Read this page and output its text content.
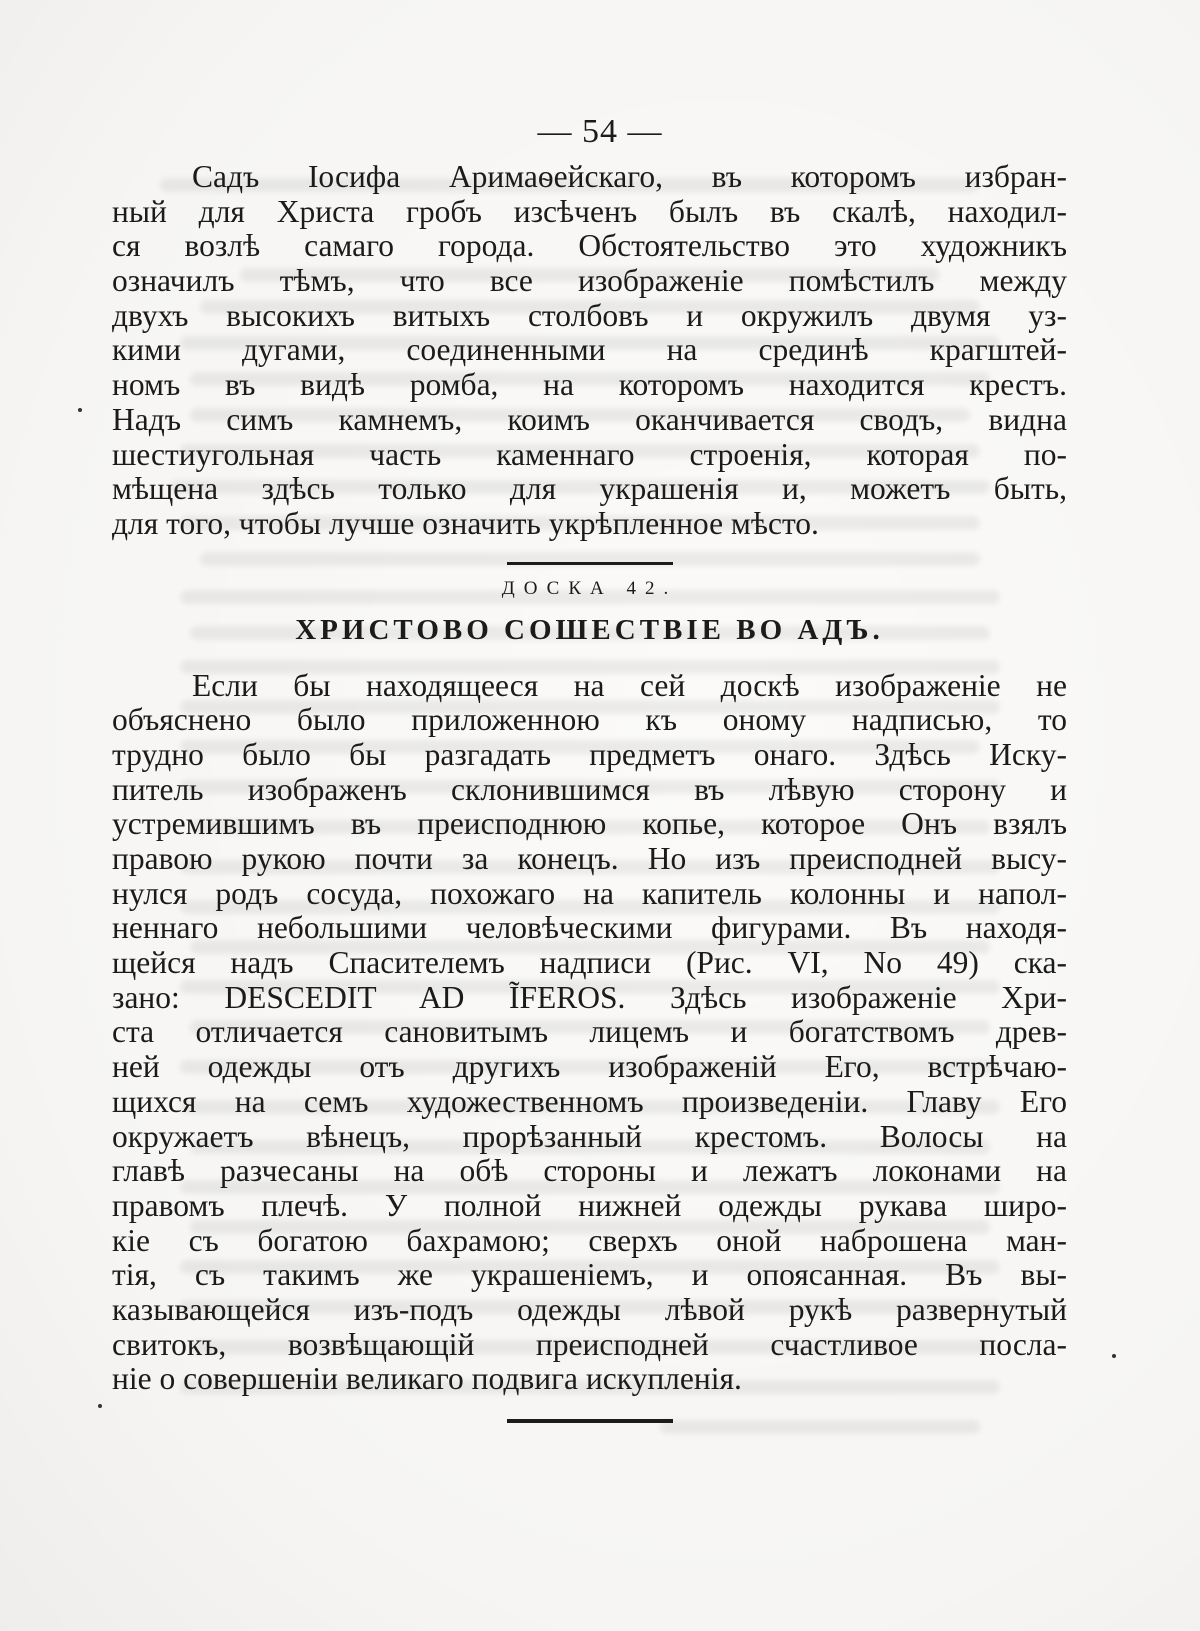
— 54 —
Садъ Іосифа Аримаѳейскаго, въ которомъ избран-
ный для Христа гробъ изсѣченъ былъ въ скалѣ, находил-
ся возлѣ самаго города. Обстоятельство это художникъ
означилъ тѣмъ, что все изображеніе помѣстилъ между
двухъ высокихъ витыхъ столбовъ и окружилъ двумя уз-
кими дугами, соединенными на срединѣ крагштей-
номъ въ видѣ ромба, на которомъ находится крестъ.
Надъ симъ камнемъ, коимъ оканчивается сводъ, видна
шестиугольная часть каменнаго строенія, которая по-
мѣщена здѣсь только для украшенія и, можетъ быть,
для того, чтобы лучше означить укрѣпленное мѣсто.
ДОСКА 42.
ХРИСТОВО СОШЕСТВІЕ ВО АДЪ.
Если бы находящееся на сей доскѣ изображеніе не
объяснено было приложенною къ оному надписью, то
трудно было бы разгадать предметъ онаго. Здѣсь Иску-
питель изображенъ склонившимся въ лѣвую сторону и
устремившимъ въ преисподнюю копье, которое Онъ взялъ
правою рукою почти за конецъ. Но изъ преисподней высу-
нулся родъ сосуда, похожаго на капитель колонны и напол-
неннаго небольшими человѣческими фигурами. Въ находя-
щейся надъ Спасителемъ надписи (Рис. VI, No 49) ска-
зано: DESCEDIT AD ĨFEROS. Здѣсь изображеніе Хри-
ста отличается сановитымъ лицемъ и богатствомъ древ-
ней одежды отъ другихъ изображеній Его, встрѣчаю-
щихся на семъ художественномъ произведеніи. Главу Его
окружаетъ вѣнецъ, прорѣзанный крестомъ. Волосы на
главѣ разчесаны на обѣ стороны и лежатъ локонами на
правомъ плечѣ. У полной нижней одежды рукава широ-
кіе съ богатою бахрамою; сверхъ оной наброшена ман-
тія, съ такимъ же украшеніемъ, и опоясанная. Въ вы-
казывающейся изъ-подъ одежды лѣвой рукѣ развернутый
свитокъ, возвѣщающій преисподней счастливое посла-
ніе о совершеніи великаго подвига искупленія.
